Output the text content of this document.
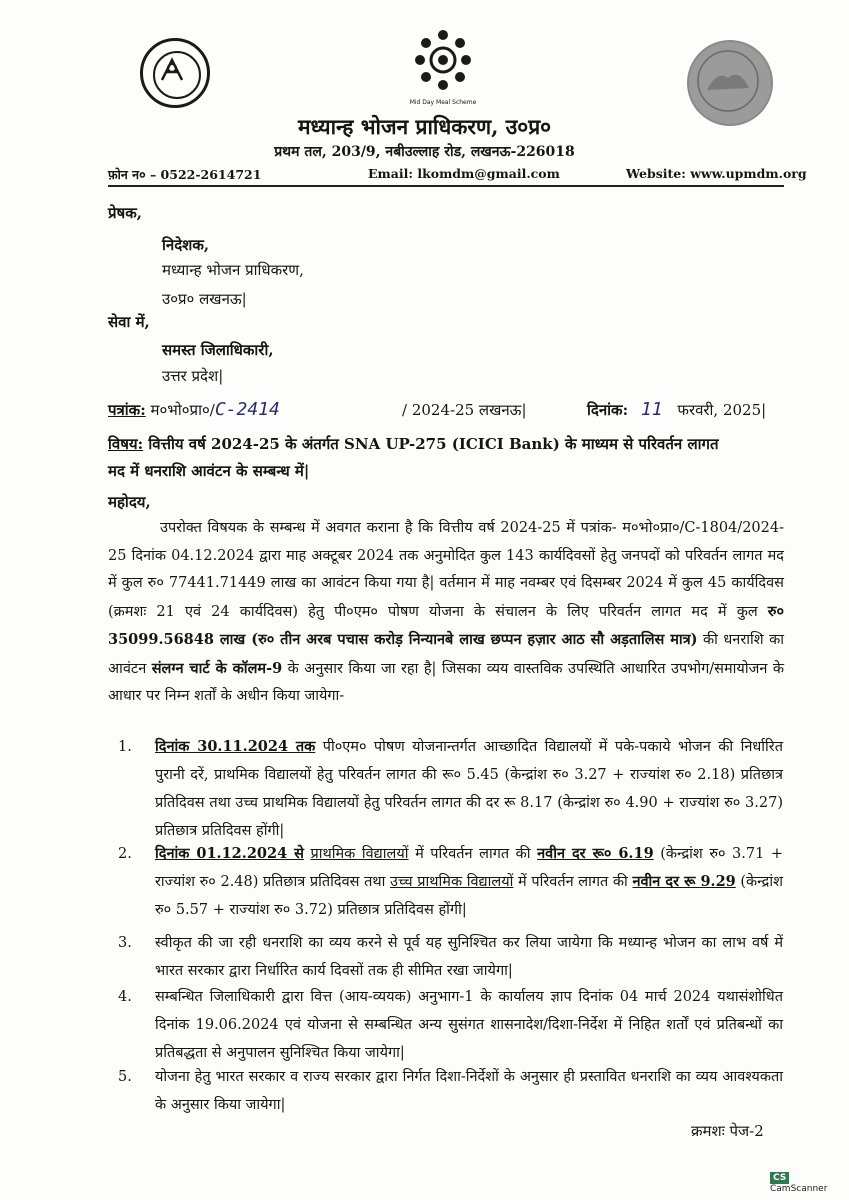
Mid Day Meal Scheme
मध्यान्ह भोजन प्राधिकरण, उ०प्र०
प्रथम तल, 203/9, नबीउल्लाह रोड, लखनऊ-226018
फ़ोन न० – 0522-2614721	Email: lkomdm@gmail.com	Website: www.upmdm.org
प्रेषक,
निदेशक,
मध्यान्ह भोजन प्राधिकरण,
उ०प्र० लखनऊ|
सेवा में,
समस्त जिलाधिकारी,
उत्तर प्रदेश|
पत्रांक: म०भो०प्रा०/C-2414	/ 2024-25 लखनऊ|	दिनांक: 11 फरवरी, 2025|
विषय: वित्तीय वर्ष 2024-25 के अंतर्गत SNA UP-275 (ICICI Bank) के माध्यम से परिवर्तन लागत
मद में धनराशि आवंटन के सम्बन्ध में|
महोदय,
उपरोक्त विषयक के सम्बन्ध में अवगत कराना है कि वित्तीय वर्ष 2024-25 में पत्रांक- म०भो०प्रा०/C-1804/2024-25 दिनांक 04.12.2024 द्वारा माह अक्टूबर 2024 तक अनुमोदित कुल 143 कार्यदिवसों हेतु जनपदों को परिवर्तन लागत मद में कुल रु० 77441.71449 लाख का आवंटन किया गया है| वर्तमान में माह नवम्बर एवं दिसम्बर 2024 में कुल 45 कार्यदिवस (क्रमशः 21 एवं 24 कार्यदिवस) हेतु पी०एम० पोषण योजना के संचालन के लिए परिवर्तन लागत मद में कुल रु० 35099.56848 लाख (रु० तीन अरब पचास करोड़ निन्यानबे लाख छप्पन हज़ार आठ सौ अड़तालिस मात्र) की धनराशि का आवंटन संलग्न चार्ट के कॉलम-9 के अनुसार किया जा रहा है| जिसका व्यय वास्तविक उपस्थिति आधारित उपभोग/समायोजन के आधार पर निम्न शर्तों के अधीन किया जायेगा-
1. दिनांक 30.11.2024 तक पी०एम० पोषण योजनान्तर्गत आच्छादित विद्यालयों में पके-पकाये भोजन की निर्धारित पुरानी दरें, प्राथमिक विद्यालयों हेतु परिवर्तन लागत की रू० 5.45 (केन्द्रांश रु० 3.27 + राज्यांश रु० 2.18) प्रतिछात्र प्रतिदिवस तथा उच्च प्राथमिक विद्यालयों हेतु परिवर्तन लागत की दर रू 8.17 (केन्द्रांश रु० 4.90 + राज्यांश रु० 3.27) प्रतिछात्र प्रतिदिवस होंगी|
2. दिनांक 01.12.2024 से प्राथमिक विद्यालयों में परिवर्तन लागत की नवीन दर रू० 6.19 (केन्द्रांश रु० 3.71 + राज्यांश रु० 2.48) प्रतिछात्र प्रतिदिवस तथा उच्च प्राथमिक विद्यालयों में परिवर्तन लागत की नवीन दर रू 9.29 (केन्द्रांश रु० 5.57 + राज्यांश रु० 3.72) प्रतिछात्र प्रतिदिवस होंगी|
3. स्वीकृत की जा रही धनराशि का व्यय करने से पूर्व यह सुनिश्चित कर लिया जायेगा कि मध्यान्ह भोजन का लाभ वर्ष में भारत सरकार द्वारा निर्धारित कार्य दिवसों तक ही सीमित रखा जायेगा|
4. सम्बन्धित जिलाधिकारी द्वारा वित्त (आय-व्ययक) अनुभाग-1 के कार्यालय ज्ञाप दिनांक 04 मार्च 2024 यथासंशोधित दिनांक 19.06.2024 एवं योजना से सम्बन्धित अन्य सुसंगत शासनादेश/दिशा-निर्देश में निहित शर्तों एवं प्रतिबन्धों का प्रतिबद्धता से अनुपालन सुनिश्चित किया जायेगा|
5. योजना हेतु भारत सरकार व राज्य सरकार द्वारा निर्गत दिशा-निर्देशों के अनुसार ही प्रस्तावित धनराशि का व्यय आवश्यकता के अनुसार किया जायेगा|
क्रमशः पेज-2
CSCamScanner
